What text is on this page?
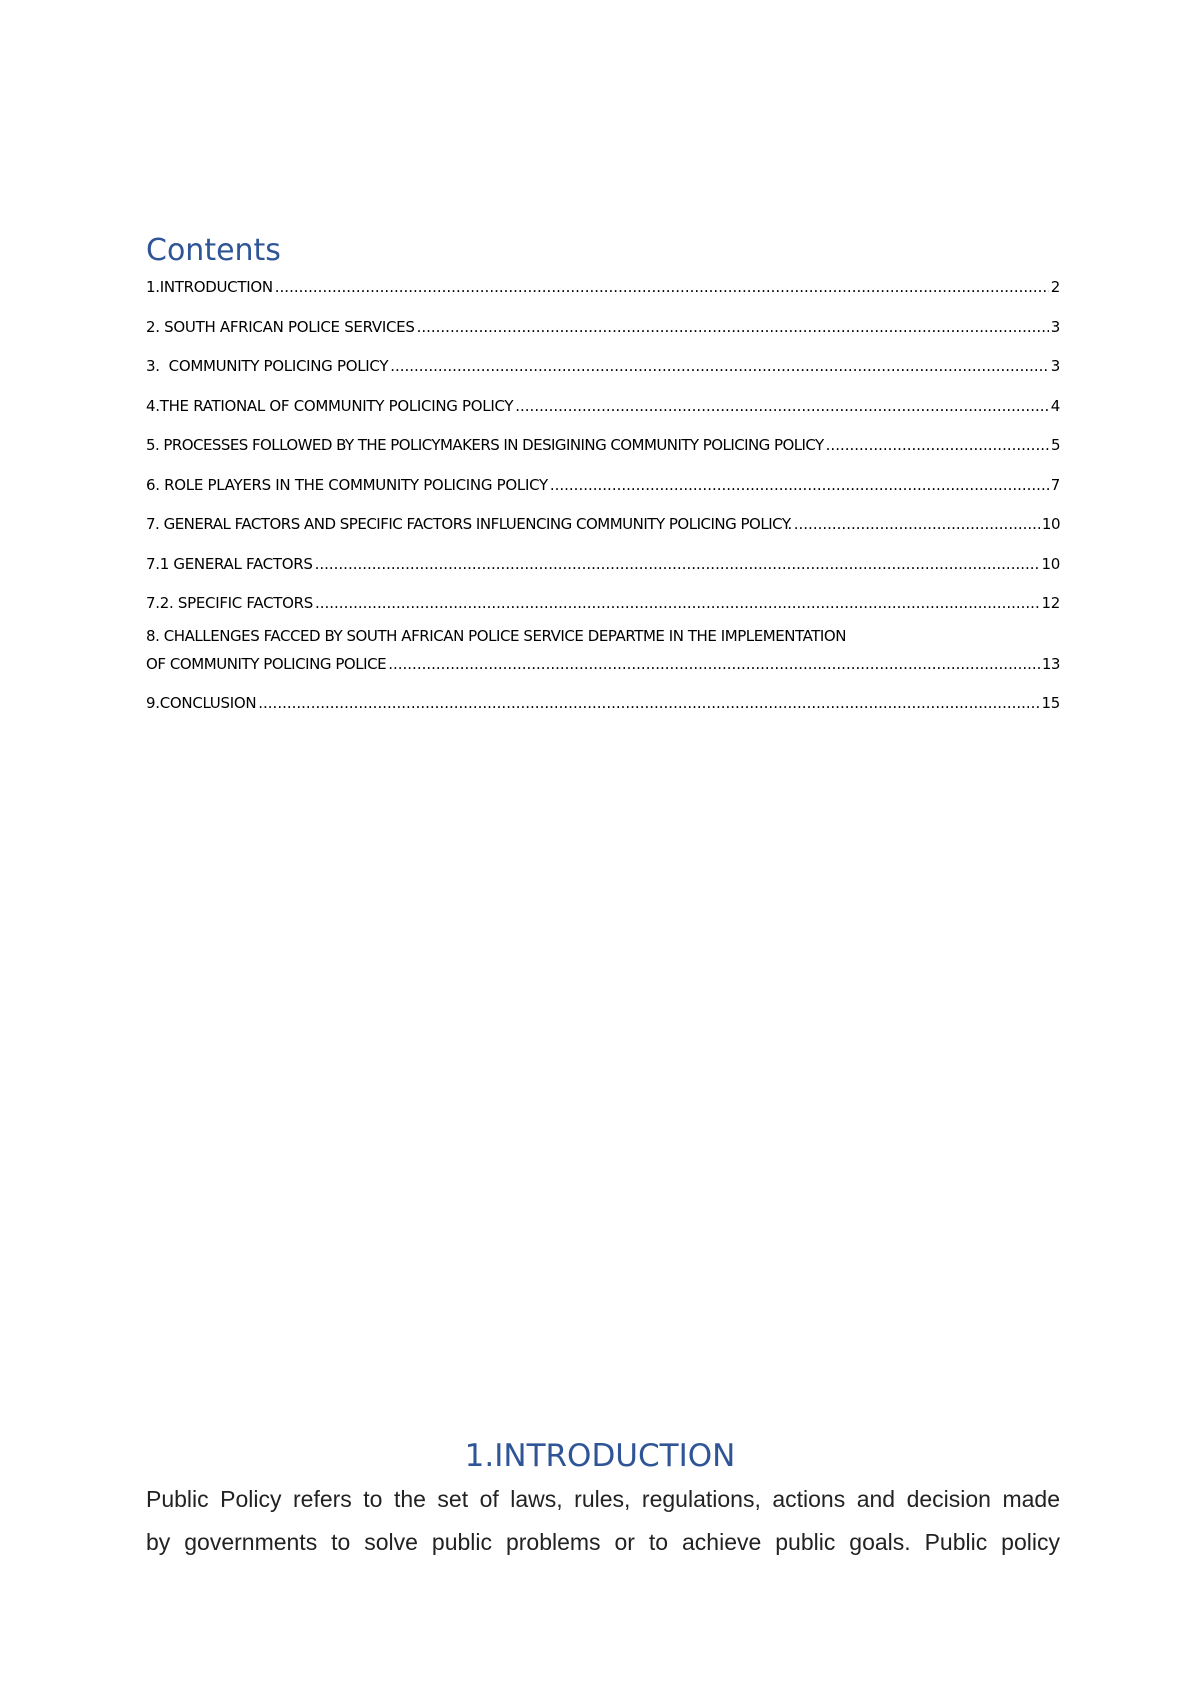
Contents
1.INTRODUCTION .....	2
2. SOUTH AFRICAN POLICE SERVICES .....	3
3.  COMMUNITY POLICING POLICY .....	3
4.THE RATIONAL OF COMMUNITY POLICING POLICY .....	4
5. PROCESSES FOLLOWED BY THE POLICYMAKERS IN DESIGINING COMMUNITY POLICING POLICY .....	5
6. ROLE PLAYERS IN THE COMMUNITY POLICING POLICY .....	7
7. GENERAL FACTORS AND SPECIFIC FACTORS INFLUENCING COMMUNITY POLICING POLICY. .....	10
7.1 GENERAL FACTORS .....	10
7.2. SPECIFIC FACTORS .....	12
8. CHALLENGES FACCED BY SOUTH AFRICAN POLICE SERVICE DEPARTME IN THE IMPLEMENTATION
OF COMMUNITY POLICING POLICE .....	13
9.CONCLUSION .....	15
1.INTRODUCTION
Public Policy refers to the set of laws, rules, regulations, actions and decision made
by governments to solve public problems or to achieve public goals. Public policy
